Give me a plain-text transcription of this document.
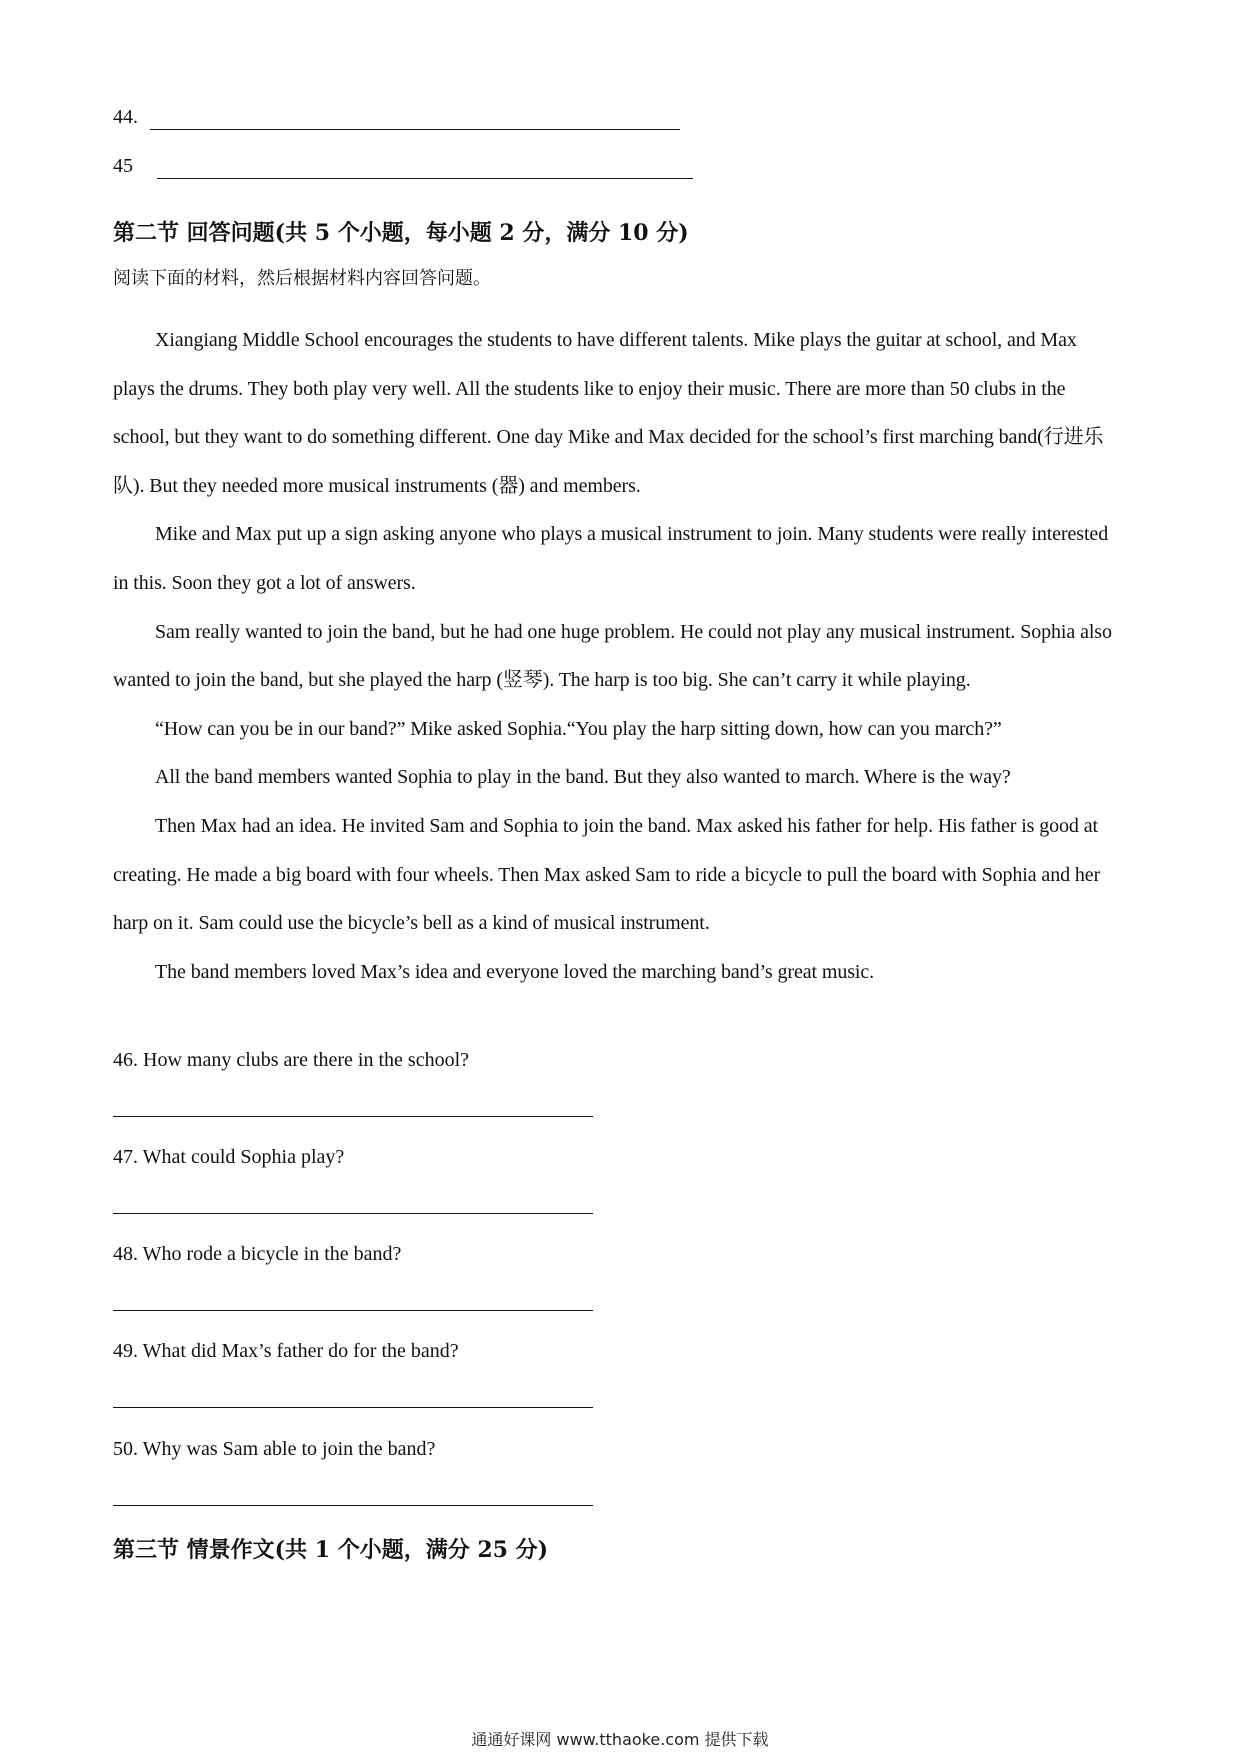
44.
45
第二节 回答问题(共 5 个小题，每小题 2 分，满分 10 分)
阅读下面的材料，然后根据材料内容回答问题。

Xiangiang Middle School encourages the students to have different talents. Mike plays the guitar at school, and Max plays the drums. They both play very well. All the students like to enjoy their music. There are more than 50 clubs in the school, but they want to do something different. One day Mike and Max decided for the school’s first marching band(行进乐队). But they needed more musical instruments (器) and members.

Mike and Max put up a sign asking anyone who plays a musical instrument to join. Many students were really interested in this. Soon they got a lot of answers.

Sam really wanted to join the band, but he had one huge problem. He could not play any musical instrument. Sophia also wanted to join the band, but she played the harp (竖琴). The harp is too big. She can’t carry it while playing.

“How can you be in our band?” Mike asked Sophia.“You play the harp sitting down, how can you march?”

All the band members wanted Sophia to play in the band. But they also wanted to march. Where is the way?

Then Max had an idea. He invited Sam and Sophia to join the band. Max asked his father for help. His father is good at creating. He made a big board with four wheels. Then Max asked Sam to ride a bicycle to pull the board with Sophia and her harp on it. Sam could use the bicycle’s bell as a kind of musical instrument.

The band members loved Max’s idea and everyone loved the marching band’s great music.

46. How many clubs are there in the school?
47. What could Sophia play?
48. Who rode a bicycle in the band?
49. What did Max’s father do for the band?
50. Why was Sam able to join the band?
第三节 情景作文(共 1 个小题，满分 25 分)
通通好课网 www.tthaoke.com 提供下载
